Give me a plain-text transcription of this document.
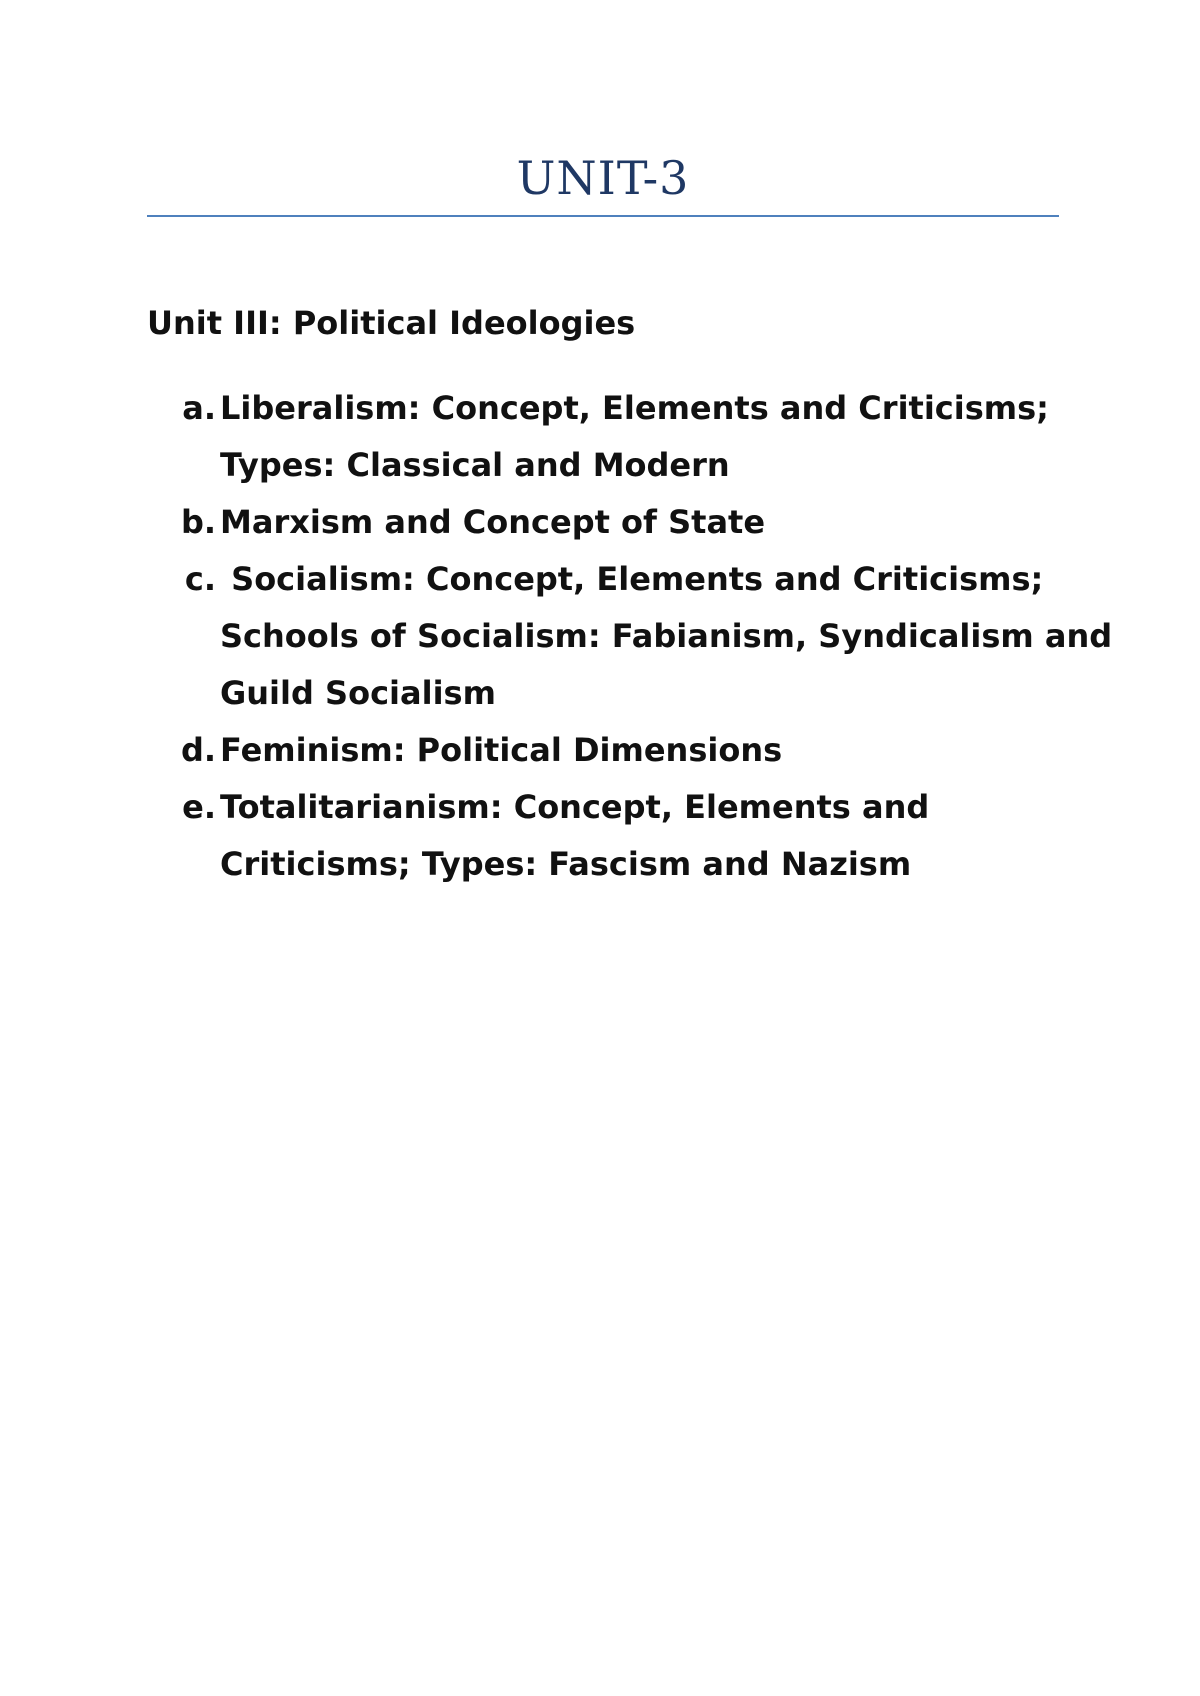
UNIT-3
Unit III: Political Ideologies
a. Liberalism: Concept, Elements and Criticisms;
Types: Classical and Modern
b. Marxism and Concept of State
c. Socialism: Concept, Elements and Criticisms;
Schools of Socialism: Fabianism, Syndicalism and
Guild Socialism
d. Feminism: Political Dimensions
e. Totalitarianism: Concept, Elements and
Criticisms; Types: Fascism and Nazism
